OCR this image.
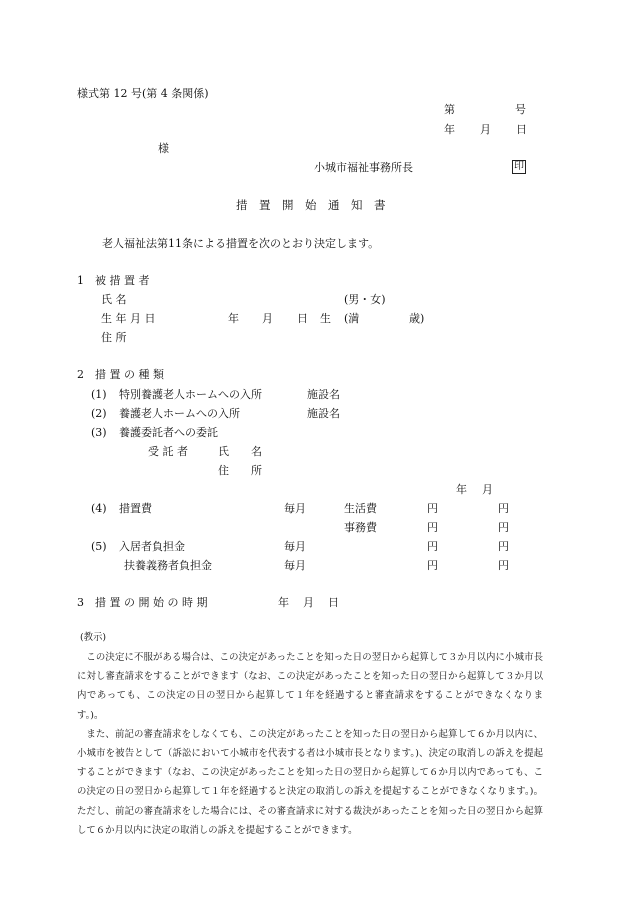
様式第 12 号(第 4 条関係)
第	号
年 月 日
様
小城市福祉事務所長	印
措　置　開　始　通　知　書
老人福祉法第11条による措置を次のとおり決定します。
1　被 措 置 者
氏 名	(男・女)
生 年 月 日	年 月 日 生 (満	歳)
住 所
2　措 置 の 種 類
(1) 特別養護老人ホームへの入所	施設名
(2) 養護老人ホームへの入所	施設名
(3) 養護委託者への委託
受 託 者	氏　　名
住　　所
年 月
(4) 措置費	毎月	生活費	円	円
事務費	円	円
(5) 入居者負担金	毎月	円	円
扶養義務者負担金	毎月	円	円
3　措 置 の 開 始 の 時 期	年 月 日
(教示)

この決定に不服がある場合は、この決定があったことを知った日の翌日から起算して３か月以内に小城市長に対し審査請求をすることができます（なお、この決定があったことを知った日の翌日から起算して３か月以内であっても、この決定の日の翌日から起算して１年を経過すると審査請求をすることができなくなります。)。

また、前記の審査請求をしなくても、この決定があったことを知った日の翌日から起算して６か月以内に、小城市を被告として（訴訟において小城市を代表する者は小城市長となります。)、決定の取消しの訴えを提起することができます（なお、この決定があったことを知った日の翌日から起算して６か月以内であっても、この決定の日の翌日から起算して１年を経過すると決定の取消しの訴えを提起することができなくなります。)。ただし、前記の審査請求をした場合には、その審査請求に対する裁決があったことを知った日の翌日から起算して６か月以内に決定の取消しの訴えを提起することができます。
